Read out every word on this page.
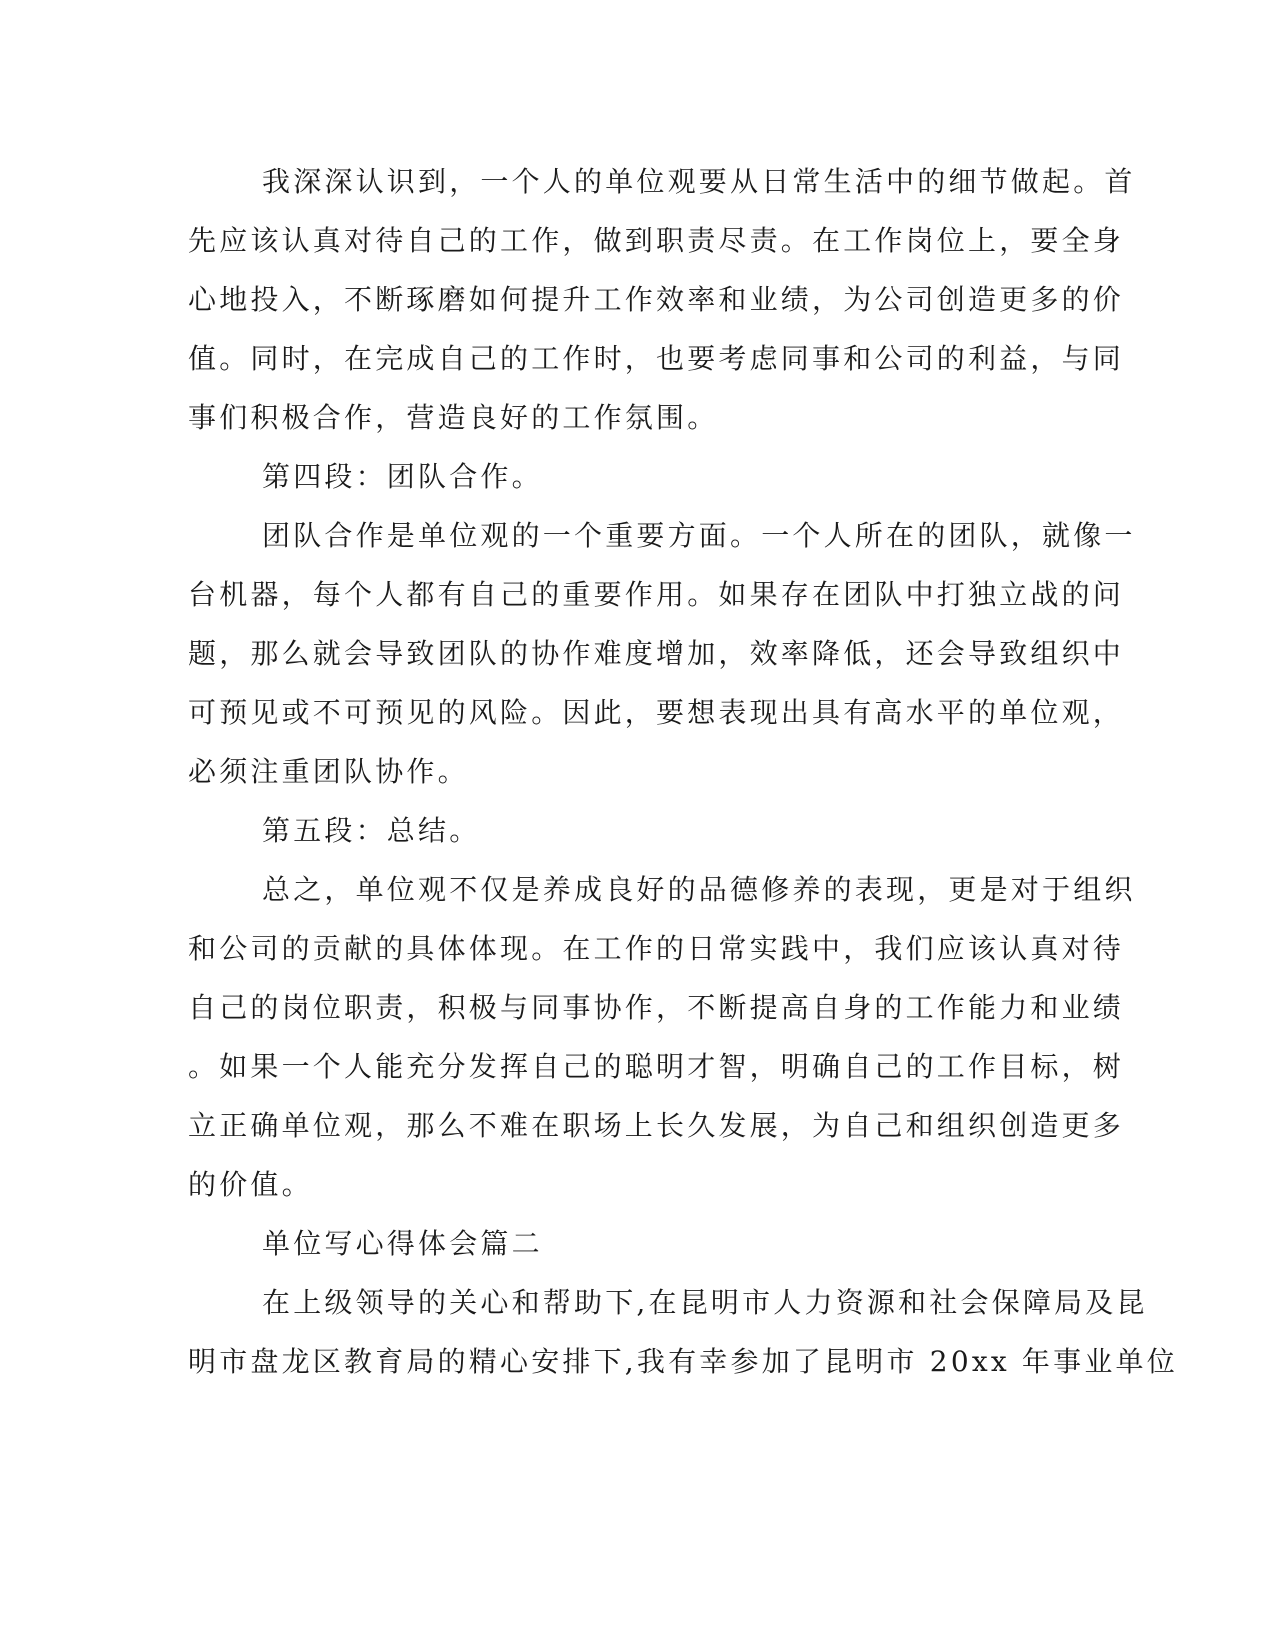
我深深认识到，一个人的单位观要从日常生活中的细节做起。首
先应该认真对待自己的工作，做到职责尽责。在工作岗位上，要全身
心地投入，不断琢磨如何提升工作效率和业绩，为公司创造更多的价
值。同时，在完成自己的工作时，也要考虑同事和公司的利益，与同
事们积极合作，营造良好的工作氛围。
第四段：团队合作。
团队合作是单位观的一个重要方面。一个人所在的团队，就像一
台机器，每个人都有自己的重要作用。如果存在团队中打独立战的问
题，那么就会导致团队的协作难度增加，效率降低，还会导致组织中
可预见或不可预见的风险。因此，要想表现出具有高水平的单位观，
必须注重团队协作。
第五段：总结。
总之，单位观不仅是养成良好的品德修养的表现，更是对于组织
和公司的贡献的具体体现。在工作的日常实践中，我们应该认真对待
自己的岗位职责，积极与同事协作，不断提高自身的工作能力和业绩
。如果一个人能充分发挥自己的聪明才智，明确自己的工作目标，树
立正确单位观，那么不难在职场上长久发展，为自己和组织创造更多
的价值。
单位写心得体会篇二
在上级领导的关心和帮助下,在昆明市人力资源和社会保障局及昆
明市盘龙区教育局的精心安排下,我有幸参加了昆明市 20xx 年事业单位
